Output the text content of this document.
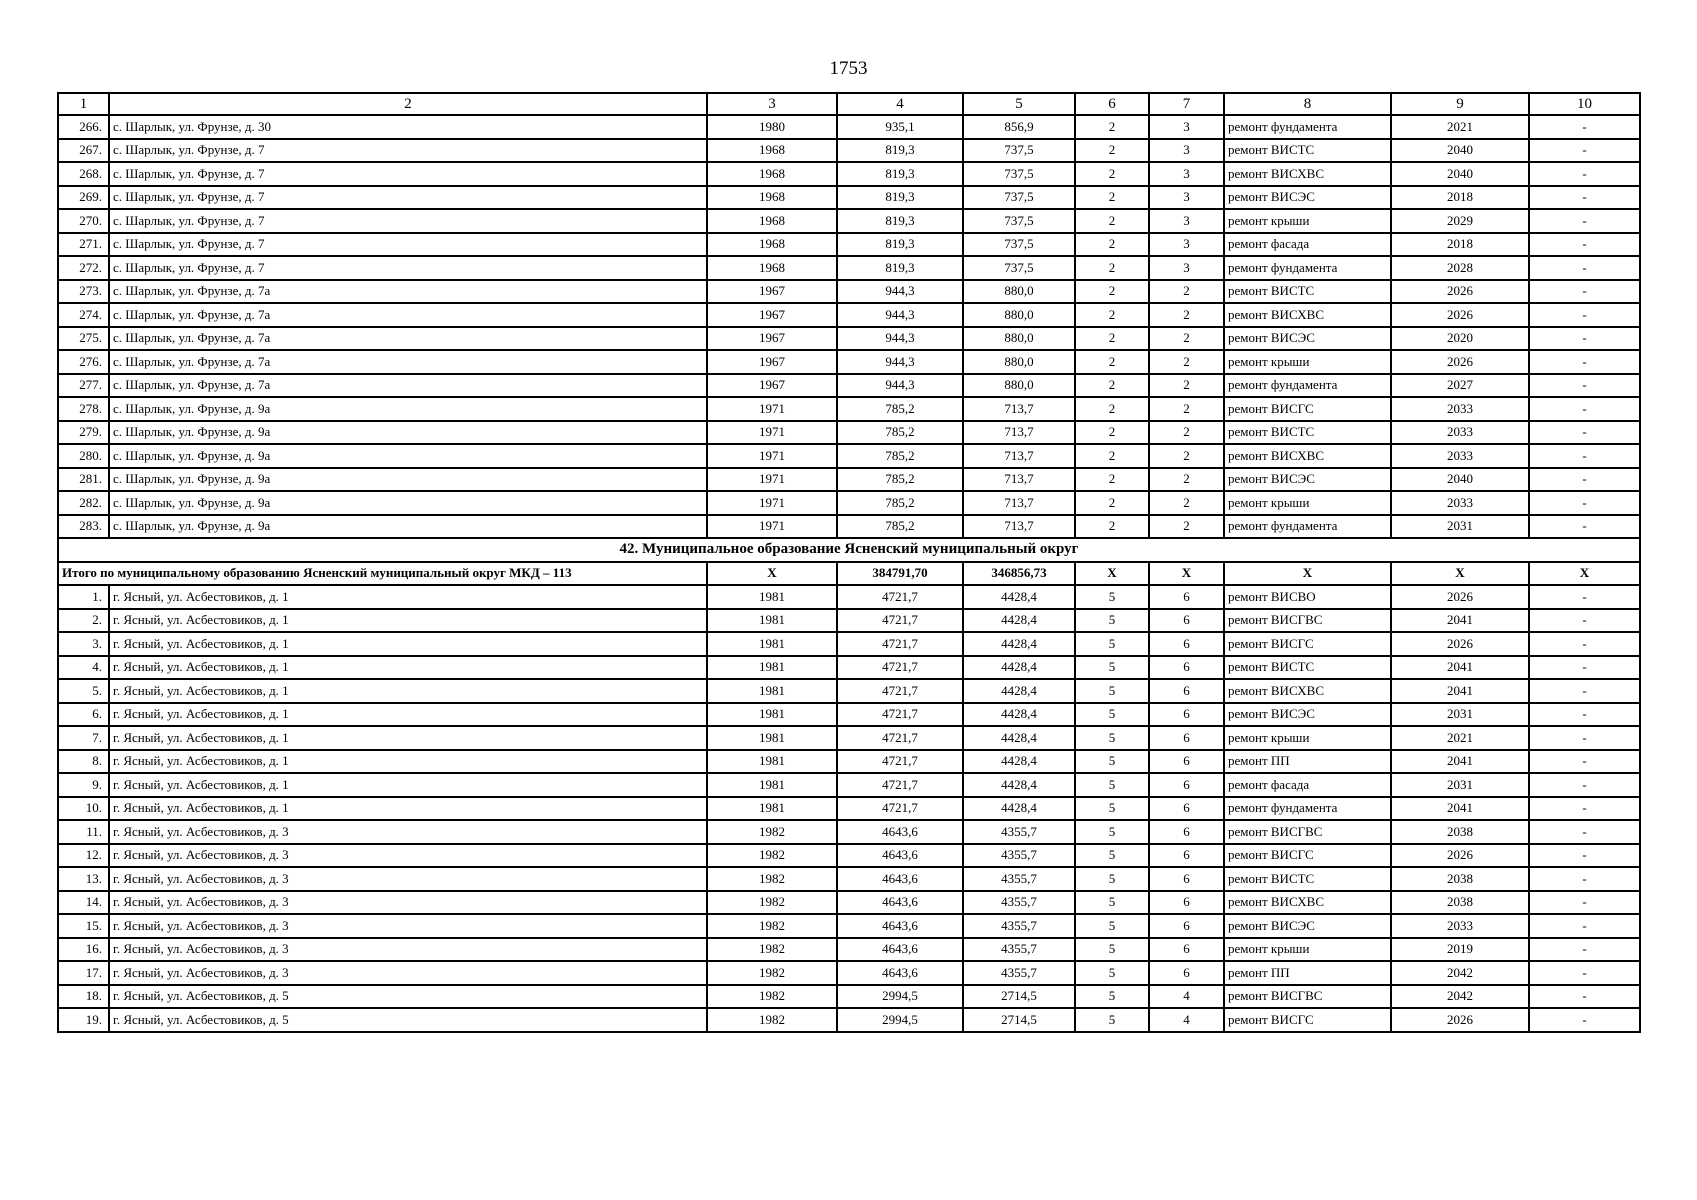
1753
1	2	3	4	5	6	7	8	9	10
266.	с. Шарлык, ул. Фрунзе, д. 30	1980	935,1	856,9	2	3	ремонт фундамента	2021	-
267.	с. Шарлык, ул. Фрунзе, д. 7	1968	819,3	737,5	2	3	ремонт ВИСТС	2040	-
268.	с. Шарлык, ул. Фрунзе, д. 7	1968	819,3	737,5	2	3	ремонт ВИСХВС	2040	-
269.	с. Шарлык, ул. Фрунзе, д. 7	1968	819,3	737,5	2	3	ремонт ВИСЭС	2018	-
270.	с. Шарлык, ул. Фрунзе, д. 7	1968	819,3	737,5	2	3	ремонт крыши	2029	-
271.	с. Шарлык, ул. Фрунзе, д. 7	1968	819,3	737,5	2	3	ремонт фасада	2018	-
272.	с. Шарлык, ул. Фрунзе, д. 7	1968	819,3	737,5	2	3	ремонт фундамента	2028	-
273.	с. Шарлык, ул. Фрунзе, д. 7а	1967	944,3	880,0	2	2	ремонт ВИСТС	2026	-
274.	с. Шарлык, ул. Фрунзе, д. 7а	1967	944,3	880,0	2	2	ремонт ВИСХВС	2026	-
275.	с. Шарлык, ул. Фрунзе, д. 7а	1967	944,3	880,0	2	2	ремонт ВИСЭС	2020	-
276.	с. Шарлык, ул. Фрунзе, д. 7а	1967	944,3	880,0	2	2	ремонт крыши	2026	-
277.	с. Шарлык, ул. Фрунзе, д. 7а	1967	944,3	880,0	2	2	ремонт фундамента	2027	-
278.	с. Шарлык, ул. Фрунзе, д. 9а	1971	785,2	713,7	2	2	ремонт ВИСГС	2033	-
279.	с. Шарлык, ул. Фрунзе, д. 9а	1971	785,2	713,7	2	2	ремонт ВИСТС	2033	-
280.	с. Шарлык, ул. Фрунзе, д. 9а	1971	785,2	713,7	2	2	ремонт ВИСХВС	2033	-
281.	с. Шарлык, ул. Фрунзе, д. 9а	1971	785,2	713,7	2	2	ремонт ВИСЭС	2040	-
282.	с. Шарлык, ул. Фрунзе, д. 9а	1971	785,2	713,7	2	2	ремонт крыши	2033	-
283.	с. Шарлык, ул. Фрунзе, д. 9а	1971	785,2	713,7	2	2	ремонт фундамента	2031	-
42. Муниципальное образование Ясненский муниципальный округ									
Итого по муниципальному образованию Ясненский муниципальный округ МКД – 113		Х	384791,70	346856,73	Х	Х	Х	Х	Х
1.	г. Ясный, ул. Асбестовиков, д. 1	1981	4721,7	4428,4	5	6	ремонт ВИСВО	2026	-
2.	г. Ясный, ул. Асбестовиков, д. 1	1981	4721,7	4428,4	5	6	ремонт ВИСГВС	2041	-
3.	г. Ясный, ул. Асбестовиков, д. 1	1981	4721,7	4428,4	5	6	ремонт ВИСГС	2026	-
4.	г. Ясный, ул. Асбестовиков, д. 1	1981	4721,7	4428,4	5	6	ремонт ВИСТС	2041	-
5.	г. Ясный, ул. Асбестовиков, д. 1	1981	4721,7	4428,4	5	6	ремонт ВИСХВС	2041	-
6.	г. Ясный, ул. Асбестовиков, д. 1	1981	4721,7	4428,4	5	6	ремонт ВИСЭС	2031	-
7.	г. Ясный, ул. Асбестовиков, д. 1	1981	4721,7	4428,4	5	6	ремонт крыши	2021	-
8.	г. Ясный, ул. Асбестовиков, д. 1	1981	4721,7	4428,4	5	6	ремонт ПП	2041	-
9.	г. Ясный, ул. Асбестовиков, д. 1	1981	4721,7	4428,4	5	6	ремонт фасада	2031	-
10.	г. Ясный, ул. Асбестовиков, д. 1	1981	4721,7	4428,4	5	6	ремонт фундамента	2041	-
11.	г. Ясный, ул. Асбестовиков, д. 3	1982	4643,6	4355,7	5	6	ремонт ВИСГВС	2038	-
12.	г. Ясный, ул. Асбестовиков, д. 3	1982	4643,6	4355,7	5	6	ремонт ВИСГС	2026	-
13.	г. Ясный, ул. Асбестовиков, д. 3	1982	4643,6	4355,7	5	6	ремонт ВИСТС	2038	-
14.	г. Ясный, ул. Асбестовиков, д. 3	1982	4643,6	4355,7	5	6	ремонт ВИСХВС	2038	-
15.	г. Ясный, ул. Асбестовиков, д. 3	1982	4643,6	4355,7	5	6	ремонт ВИСЭС	2033	-
16.	г. Ясный, ул. Асбестовиков, д. 3	1982	4643,6	4355,7	5	6	ремонт крыши	2019	-
17.	г. Ясный, ул. Асбестовиков, д. 3	1982	4643,6	4355,7	5	6	ремонт ПП	2042	-
18.	г. Ясный, ул. Асбестовиков, д. 5	1982	2994,5	2714,5	5	4	ремонт ВИСГВС	2042	-
19.	г. Ясный, ул. Асбестовиков, д. 5	1982	2994,5	2714,5	5	4	ремонт ВИСГС	2026	-
